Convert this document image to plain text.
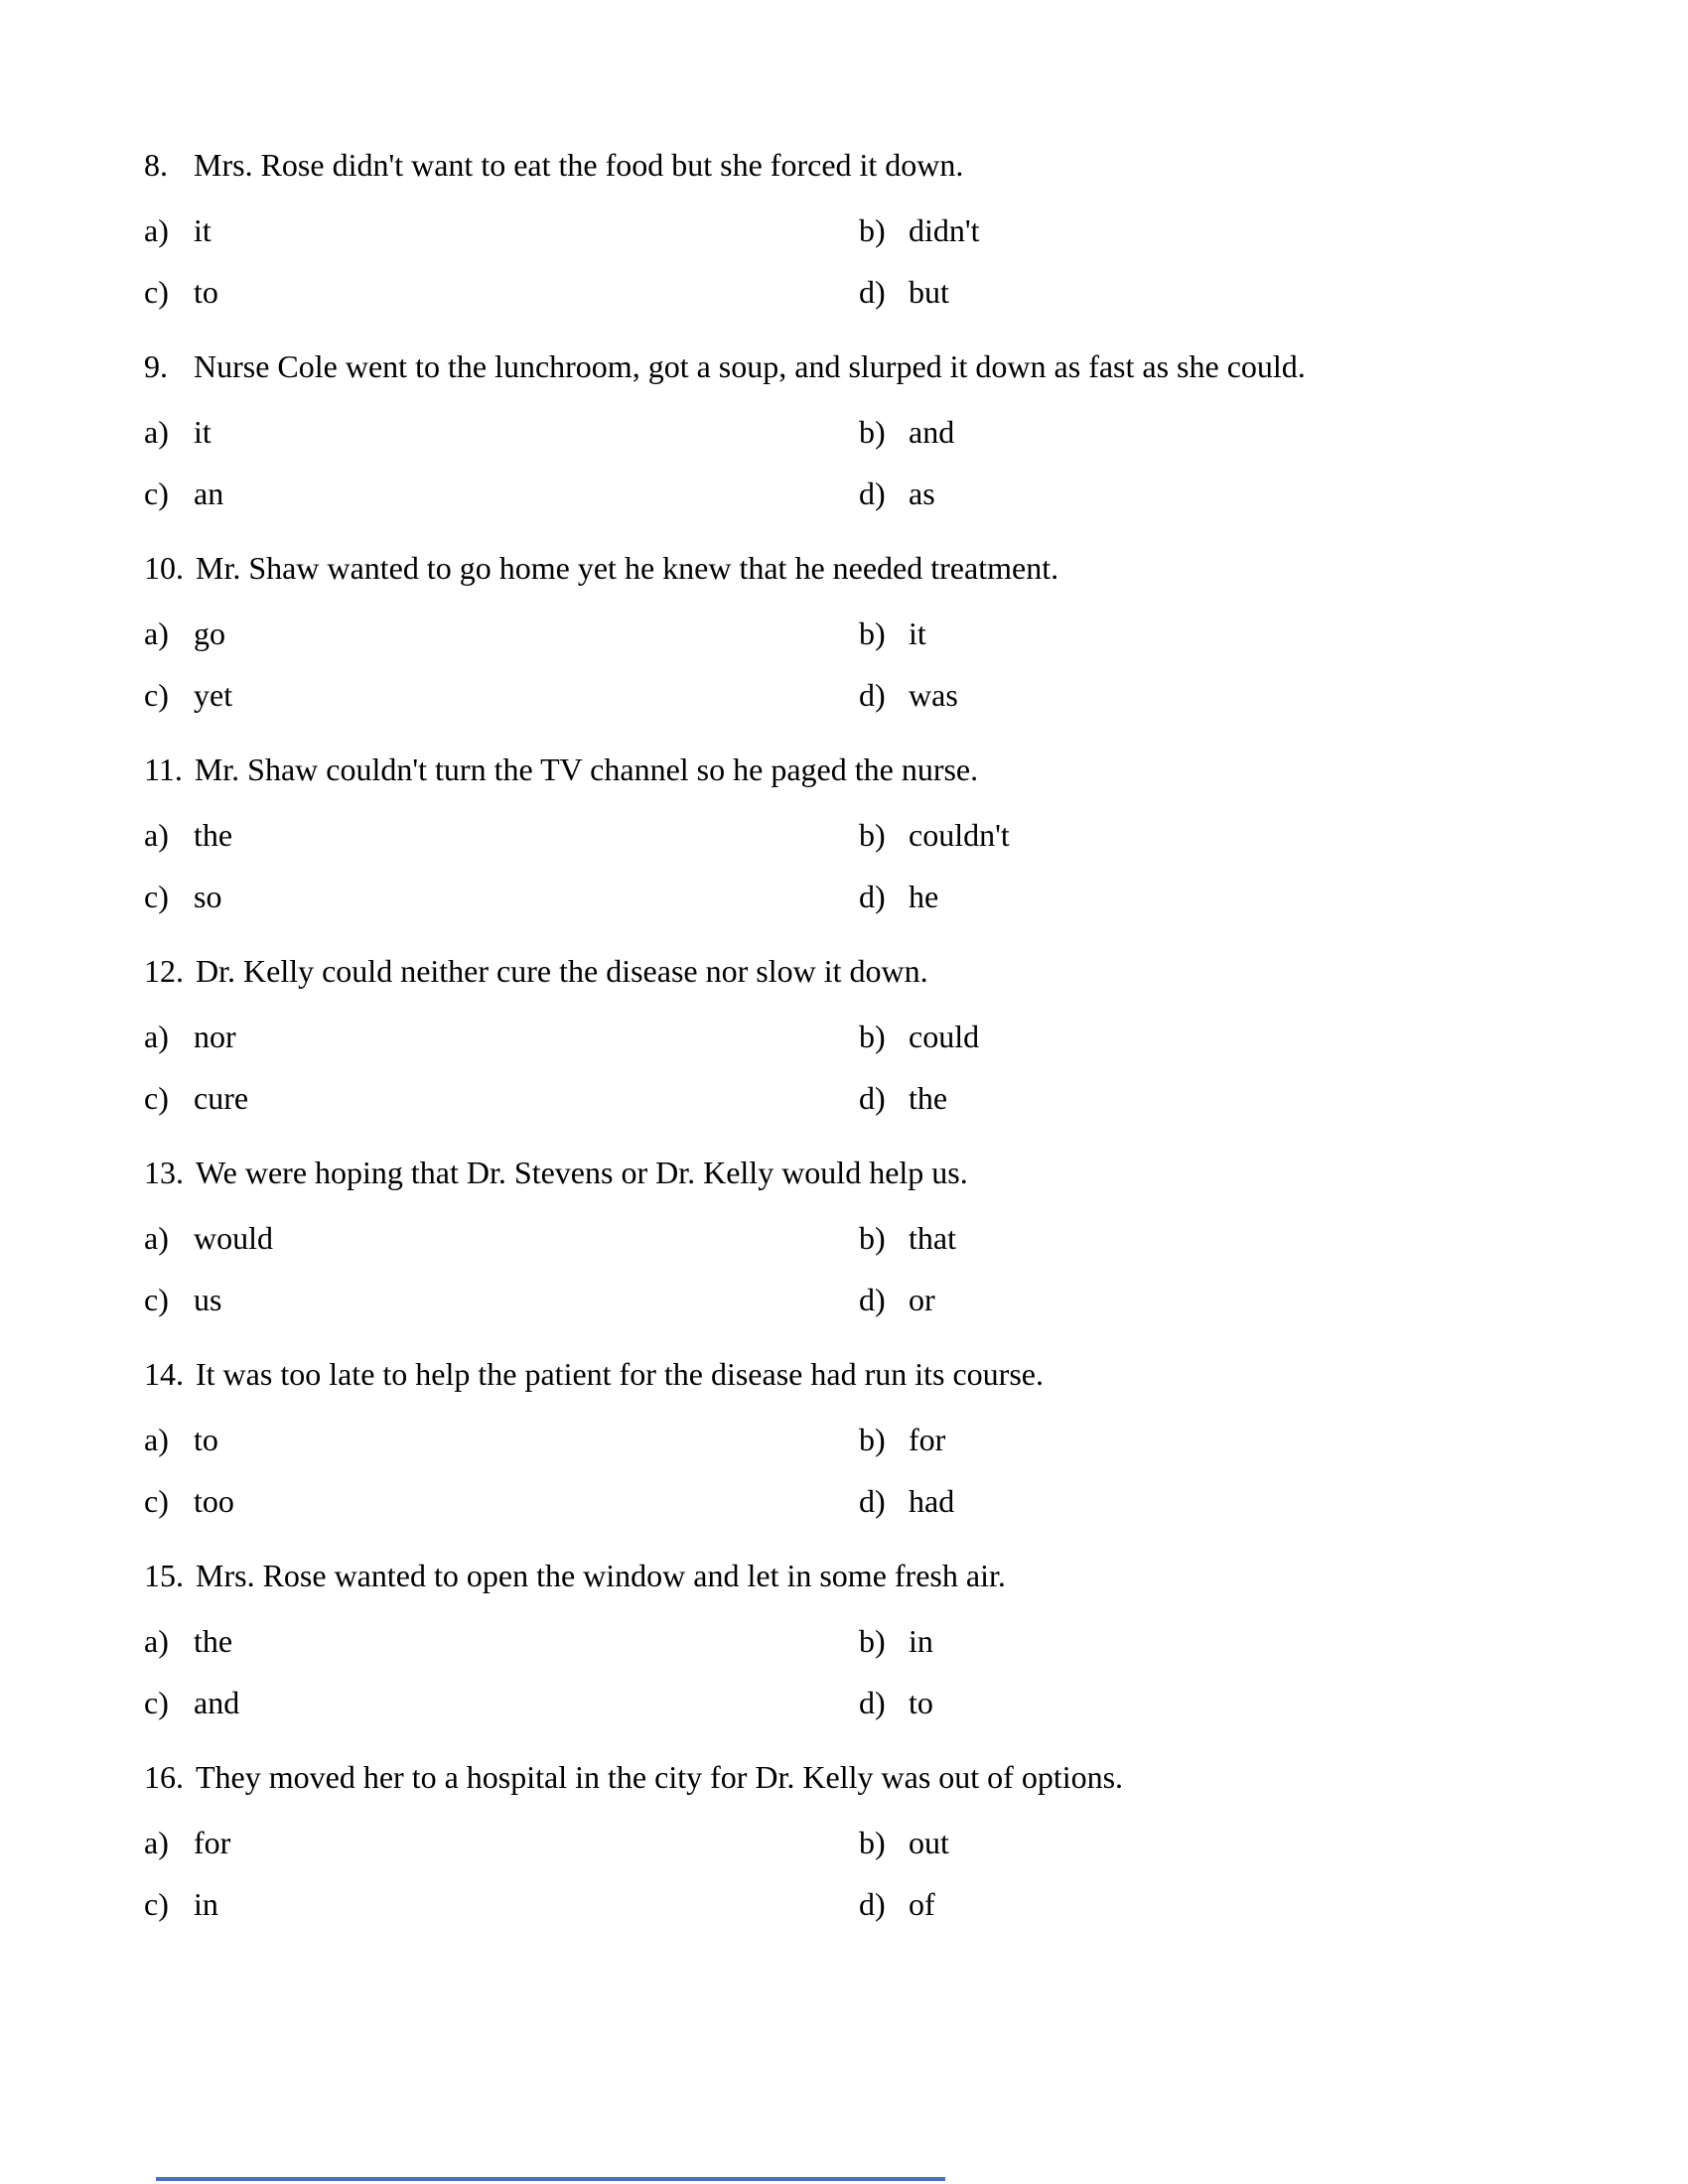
8. Mrs. Rose didn't want to eat the food but she forced it down.
a) it	b) didn't
c) to	d) but
9. Nurse Cole went to the lunchroom, got a soup, and slurped it down as fast as she could.
a) it	b) and
c) an	d) as
10. Mr. Shaw wanted to go home yet he knew that he needed treatment.
a) go	b) it
c) yet	d) was
11. Mr. Shaw couldn't turn the TV channel so he paged the nurse.
a) the	b) couldn't
c) so	d) he
12. Dr. Kelly could neither cure the disease nor slow it down.
a) nor	b) could
c) cure	d) the
13. We were hoping that Dr. Stevens or Dr. Kelly would help us.
a) would	b) that
c) us	d) or
14. It was too late to help the patient for the disease had run its course.
a) to	b) for
c) too	d) had
15. Mrs. Rose wanted to open the window and let in some fresh air.
a) the	b) in
c) and	d) to
16. They moved her to a hospital in the city for Dr. Kelly was out of options.
a) for	b) out
c) in	d) of
